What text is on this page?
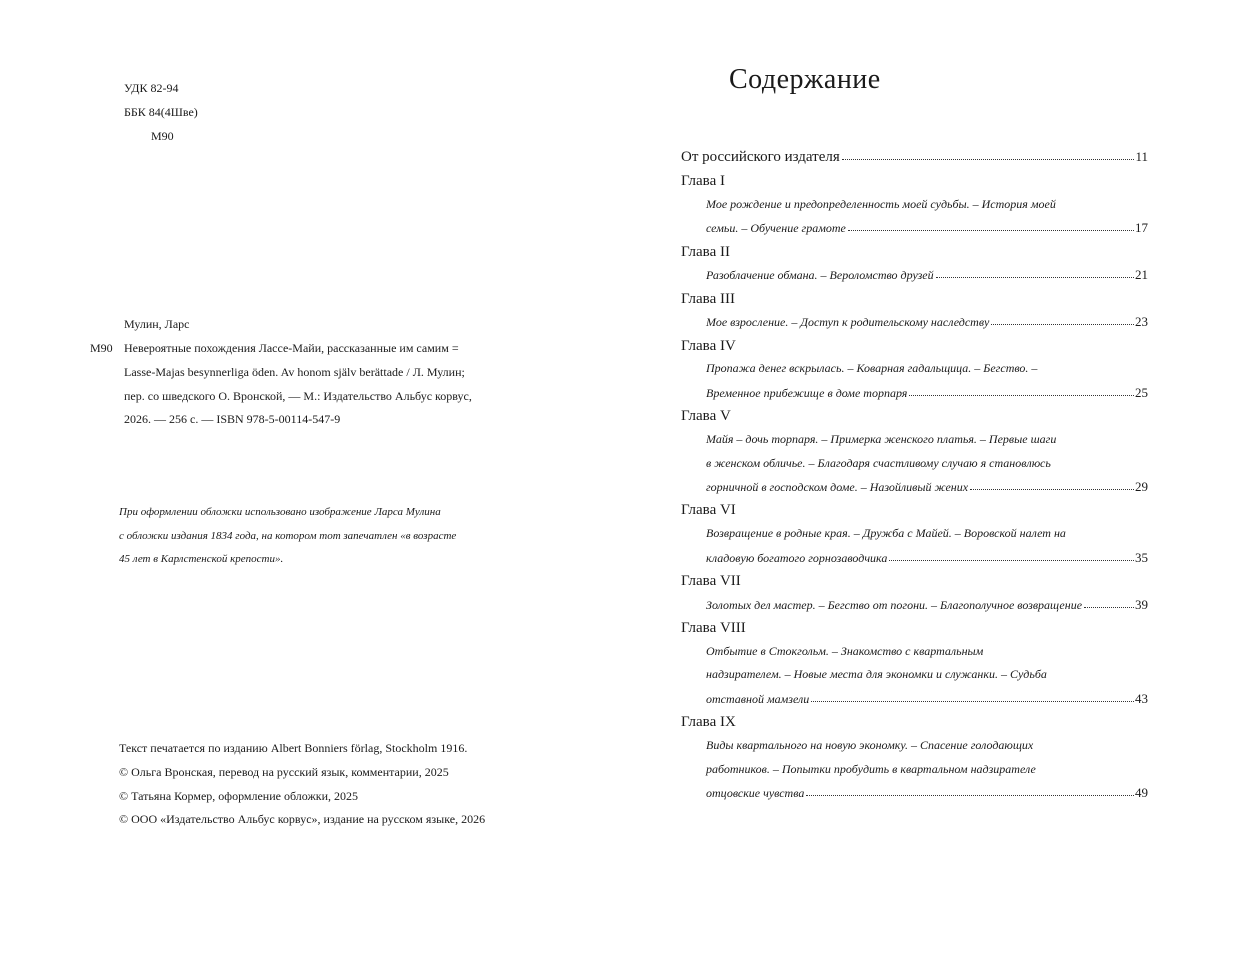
УДК 82-94
ББК 84(4Шве)
М90
Мулин, Ларс
М90 Невероятные похождения Лассе-Майи, рассказанные им самим =
Lasse-Majas besynnerliga öden. Av honom själv berättade / Л. Мулин;
пер. со шведского О. Вронской, — М.: Издательство Альбус корвус,
2026. — 256 с. — ISBN 978-5-00114-547-9
При оформлении обложки использовано изображение Ларса Мулина
с обложки издания 1834 года, на котором тот запечатлен «в возрасте
45 лет в Карлстенской крепости».
Текст печатается по изданию Albert Bonniers förlag, Stockholm 1916.
© Ольга Вронская, перевод на русский язык, комментарии, 2025
© Татьяна Кормер, оформление обложки, 2025
© ООО «Издательство Альбус корвус», издание на русском языке, 2026
Содержание
От российского издателя	11
Глава I
Мое рождение и предопределенность моей судьбы. – История моей
семьи. – Обучение грамоте	17
Глава II
Разоблачение обмана. – Вероломство друзей	21
Глава III
Мое взросление. – Доступ к родительскому наследству	23
Глава IV
Пропажа денег вскрылась. – Коварная гадальщица. – Бегство. –
Временное прибежище в доме торпаря	25
Глава V
Майя – дочь торпаря. – Примерка женского платья. – Первые шаги
в женском обличье. – Благодаря счастливому случаю я становлюсь
горничной в господском доме. – Назойливый жених	29
Глава VI
Возвращение в родные края. – Дружба с Майей. – Воровской налет на
кладовую богатого горнозаводчика	35
Глава VII
Золотых дел мастер. – Бегство от погони. – Благополучное возвращение	39
Глава VIII
Отбытие в Стокгольм. – Знакомство с квартальным
надзирателем. – Новые места для экономки и служанки. – Судьба
отставной мамзели	43
Глава IX
Виды квартального на новую экономку. – Спасение голодающих
работников. – Попытки пробудить в квартальном надзирателе
отцовские чувства	49
